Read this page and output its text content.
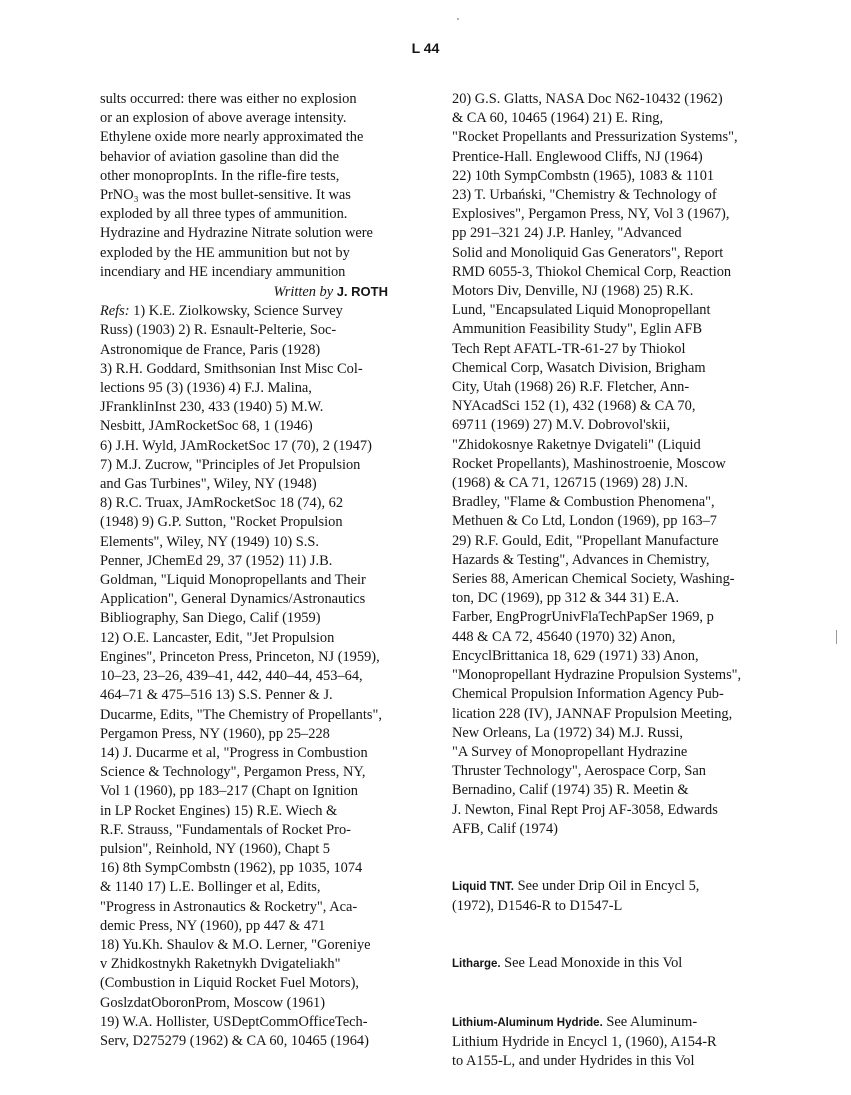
L 44

sults occurred: there was either no explosion
or an explosion of above average intensity.
Ethylene oxide more nearly approximated the
behavior of aviation gasoline than did the
other monopropInts. In the rifle-fire tests,
PrNO₃ was the most bullet-sensitive. It was
exploded by all three types of ammunition.
Hydrazine and Hydrazine Nitrate solution were
exploded by the HE ammunition but not by
incendiary and HE incendiary ammunition

Written by J. ROTH

Refs: 1) K.E. Ziolkowsky, Science Survey
Russ) (1903) 2) R. Esnault-Pelterie, Soc-
Astronomique de France, Paris (1928)
3) R.H. Goddard, Smithsonian Inst Misc Col-
lections 95 (3) (1936) 4) F.J. Malina,
JFranklinInst 230, 433 (1940) 5) M.W.
Nesbitt, JAmRocketSoc 68, 1 (1946)
6) J.H. Wyld, JAmRocketSoc 17 (70), 2 (1947)
7) M.J. Zucrow, "Principles of Jet Propulsion
and Gas Turbines", Wiley, NY (1948)
8) R.C. Truax, JAmRocketSoc 18 (74), 62
(1948) 9) G.P. Sutton, "Rocket Propulsion
Elements", Wiley, NY (1949) 10) S.S.
Penner, JChemEd 29, 37 (1952) 11) J.B.
Goldman, "Liquid Monopropellants and Their
Application", General Dynamics/Astronautics
Bibliography, San Diego, Calif (1959)
12) O.E. Lancaster, Edit, "Jet Propulsion
Engines", Princeton Press, Princeton, NJ (1959),
10–23, 23–26, 439–41, 442, 440–44, 453–64,
464–71 & 475–516 13) S.S. Penner & J.
Ducarme, Edits, "The Chemistry of Propellants",
Pergamon Press, NY (1960), pp 25–228
14) J. Ducarme et al, "Progress in Combustion
Science & Technology", Pergamon Press, NY,
Vol 1 (1960), pp 183–217 (Chapt on Ignition
in LP Rocket Engines) 15) R.E. Wiech &
R.F. Strauss, "Fundamentals of Rocket Pro-
pulsion", Reinhold, NY (1960), Chapt 5
16) 8th SympCombstn (1962), pp 1035, 1074
& 1140 17) L.E. Bollinger et al, Edits,
"Progress in Astronautics & Rocketry", Aca-
demic Press, NY (1960), pp 447 & 471
18) Yu.Kh. Shaulov & M.O. Lerner, "Goreniye
v Zhidkostnykh Raketnykh Dvigateliakh"
(Combustion in Liquid Rocket Fuel Motors),
GoslzdatOboronProm, Moscow (1961)
19) W.A. Hollister, USDeptCommOfficeTech-
Serv, D275279 (1962) & CA 60, 10465 (1964)

20) G.S. Glatts, NASA Doc N62-10432 (1962)
& CA 60, 10465 (1964) 21) E. Ring,
"Rocket Propellants and Pressurization Systems",
Prentice-Hall. Englewood Cliffs, NJ (1964)
22) 10th SympCombstn (1965), 1083 & 1101
23) T. Urbański, "Chemistry & Technology of
Explosives", Pergamon Press, NY, Vol 3 (1967),
pp 291–321 24) J.P. Hanley, "Advanced
Solid and Monoliquid Gas Generators", Report
RMD 6055-3, Thiokol Chemical Corp, Reaction
Motors Div, Denville, NJ (1968) 25) R.K.
Lund, "Encapsulated Liquid Monopropellant
Ammunition Feasibility Study", Eglin AFB
Tech Rept AFATL-TR-61-27 by Thiokol
Chemical Corp, Wasatch Division, Brigham
City, Utah (1968) 26) R.F. Fletcher, Ann-
NYAcadSci 152 (1), 432 (1968) & CA 70,
69711 (1969) 27) M.V. Dobrovol'skii,
"Zhidokosnye Raketnye Dvigateli" (Liquid
Rocket Propellants), Mashinostroenie, Moscow
(1968) & CA 71, 126715 (1969) 28) J.N.
Bradley, "Flame & Combustion Phenomena",
Methuen & Co Ltd, London (1969), pp 163–7
29) R.F. Gould, Edit, "Propellant Manufacture
Hazards & Testing", Advances in Chemistry,
Series 88, American Chemical Society, Washing-
ton, DC (1969), pp 312 & 344 31) E.A.
Farber, EngProgrUnivFlaTechPapSer 1969, p
448 & CA 72, 45640 (1970) 32) Anon,
EncyclBrittanica 18, 629 (1971) 33) Anon,
"Monopropellant Hydrazine Propulsion Systems",
Chemical Propulsion Information Agency Pub-
lication 228 (IV), JANNAF Propulsion Meeting,
New Orleans, La (1972) 34) M.J. Russi,
"A Survey of Monopropellant Hydrazine
Thruster Technology", Aerospace Corp, San
Bernadino, Calif (1974) 35) R. Meetin &
J. Newton, Final Rept Proj AF-3058, Edwards
AFB, Calif (1974)

Liquid TNT. See under Drip Oil in Encycl 5,
(1972), D1546-R to D1547-L

Litharge. See Lead Monoxide in this Vol

Lithium-Aluminum Hydride. See Aluminum-
Lithium Hydride in Encycl 1, (1960), A154-R
to A155-L, and under Hydrides in this Vol
